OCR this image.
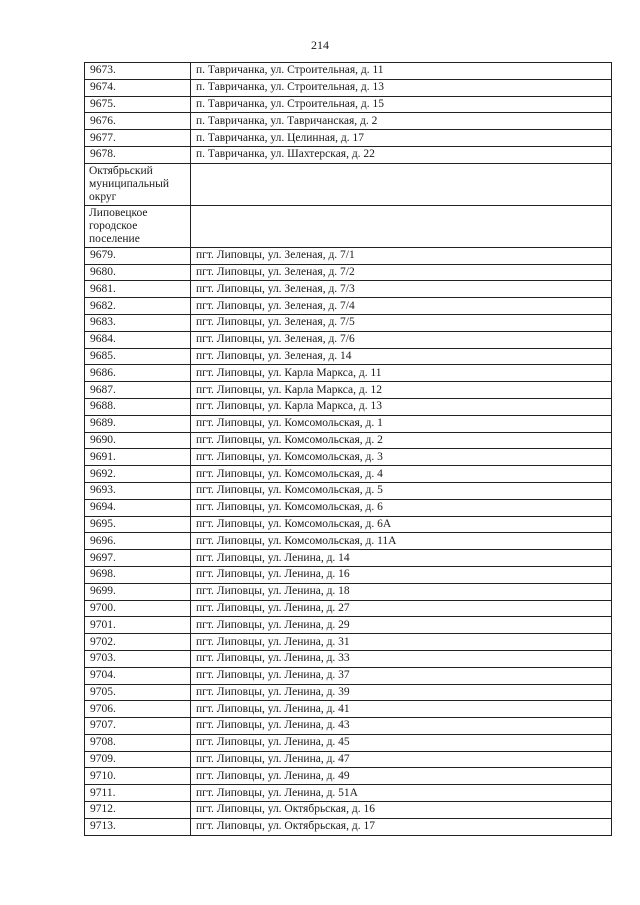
214
9673.	п. Тавричанка, ул. Строительная, д. 11
9674.	п. Тавричанка, ул. Строительная, д. 13
9675.	п. Тавричанка, ул. Строительная, д. 15
9676.	п. Тавричанка, ул. Тавричанская, д. 2
9677.	п. Тавричанка, ул. Целинная, д. 17
9678.	п. Тавричанка, ул. Шахтерская, д. 22
Октябрьский муниципальный округ	
Липовецкое городское поселение	
9679.	пгт. Липовцы, ул. Зеленая, д. 7/1
9680.	пгт. Липовцы, ул. Зеленая, д. 7/2
9681.	пгт. Липовцы, ул. Зеленая, д. 7/3
9682.	пгт. Липовцы, ул. Зеленая, д. 7/4
9683.	пгт. Липовцы, ул. Зеленая, д. 7/5
9684.	пгт. Липовцы, ул. Зеленая, д. 7/6
9685.	пгт. Липовцы, ул. Зеленая, д. 14
9686.	пгт. Липовцы, ул. Карла Маркса, д. 11
9687.	пгт. Липовцы, ул. Карла Маркса, д. 12
9688.	пгт. Липовцы, ул. Карла Маркса, д. 13
9689.	пгт. Липовцы, ул. Комсомольская, д. 1
9690.	пгт. Липовцы, ул. Комсомольская, д. 2
9691.	пгт. Липовцы, ул. Комсомольская, д. 3
9692.	пгт. Липовцы, ул. Комсомольская, д. 4
9693.	пгт. Липовцы, ул. Комсомольская, д. 5
9694.	пгт. Липовцы, ул. Комсомольская, д. 6
9695.	пгт. Липовцы, ул. Комсомольская, д. 6А
9696.	пгт. Липовцы, ул. Комсомольская, д. 11А
9697.	пгт. Липовцы, ул. Ленина, д. 14
9698.	пгт. Липовцы, ул. Ленина, д. 16
9699.	пгт. Липовцы, ул. Ленина, д. 18
9700.	пгт. Липовцы, ул. Ленина, д. 27
9701.	пгт. Липовцы, ул. Ленина, д. 29
9702.	пгт. Липовцы, ул. Ленина, д. 31
9703.	пгт. Липовцы, ул. Ленина, д. 33
9704.	пгт. Липовцы, ул. Ленина, д. 37
9705.	пгт. Липовцы, ул. Ленина, д. 39
9706.	пгт. Липовцы, ул. Ленина, д. 41
9707.	пгт. Липовцы, ул. Ленина, д. 43
9708.	пгт. Липовцы, ул. Ленина, д. 45
9709.	пгт. Липовцы, ул. Ленина, д. 47
9710.	пгт. Липовцы, ул. Ленина, д. 49
9711.	пгт. Липовцы, ул. Ленина, д. 51А
9712.	пгт. Липовцы, ул. Октябрьская, д. 16
9713.	пгт. Липовцы, ул. Октябрьская, д. 17
